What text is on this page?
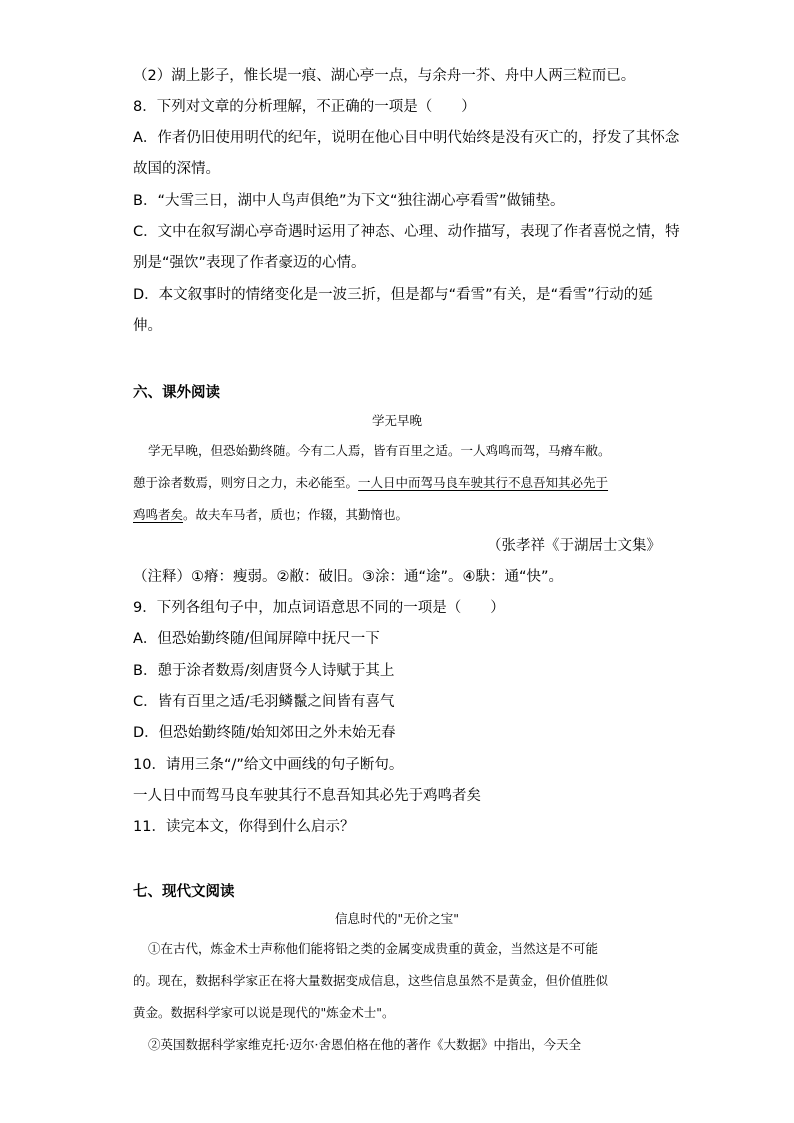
（2）湖上影子，惟长堤一痕、湖心亭一点，与余舟一芥、舟中人两三粒而已。
8．下列对文章的分析理解，不正确的一项是（　　）
A．作者仍旧使用明代的纪年，说明在他心目中明代始终是没有灭亡的，抒发了其怀念
故国的深情。
B．“大雪三日，湖中人鸟声俱绝”为下文“独往湖心亭看雪”做铺垫。
C．文中在叙写湖心亭奇遇时运用了神态、心理、动作描写，表现了作者喜悦之情，特
别是“强饮”表现了作者豪迈的心情。
D．本文叙事时的情绪变化是一波三折，但是都与“看雪”有关，是“看雪”行动的延
伸。
六、课外阅读
学无早晚
学无早晚，但恐始勤终随。今有二人焉，皆有百里之适。一人鸡鸣而驾，马瘠车敝。
憩于涂者数焉，则穷日之力，未必能至。一人日中而驾马良车驶其行不息吾知其必先于
鸡鸣者矣。故夫车马者，质也；作辍，其勤惰也。
（张孝祥《于湖居士文集》
（注释）①瘠：瘦弱。②敝：破旧。③涂：通“途”。④駃：通“快”。
9．下列各组句子中，加点词语意思不同的一项是（　　）
A．但恐始勤终随/但闻屏障中抚尺一下
B．憩于涂者数焉/刻唐贤今人诗赋于其上
C．皆有百里之适/毛羽鳞鬣之间皆有喜气
D．但恐始勤终随/始知郊田之外未始无春
10．请用三条“/”给文中画线的句子断句。
一人日中而驾马良车驶其行不息吾知其必先于鸡鸣者矣
11．读完本文，你得到什么启示？
七、现代文阅读
信息时代的"无价之宝"
①在古代，炼金术士声称他们能将铅之类的金属变成贵重的黄金，当然这是不可能
的。现在，数据科学家正在将大量数据变成信息，这些信息虽然不是黄金，但价值胜似
黄金。数据科学家可以说是现代的"炼金术士"。
②英国数据科学家维克托·迈尔·舍恩伯格在他的著作《大数据》中指出，今天全
